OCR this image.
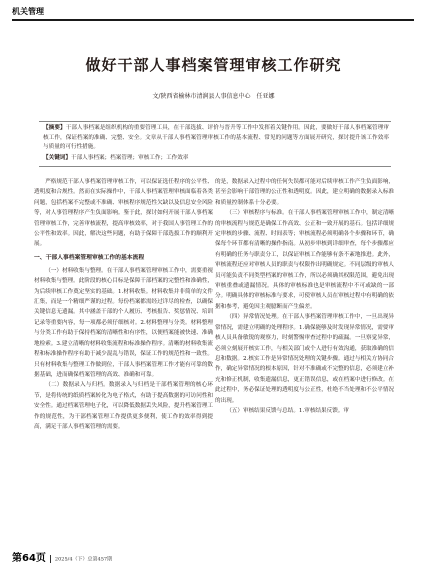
机关管理
做好干部人事档案管理审核工作研究
文/陕西省榆林市清涧县人事信息中心　任亚娜
【摘要】干部人事档案是组织机构的重要管理工具，在干部选拔、评价与晋升等工作中发挥着关键作用。因此，要做好干部人事档案管理审核工作，保证档案的准确、完整、安全。文章从干部人事档案管理审核工作的基本流程、常见的问题等方面展开研究，探讨提升该工作效率与质量的可行性措施。
【关键词】干部人事档案；档案管理；审核工作；工作效率

严格规范干部人事档案管理审核工作，可以保证选任程序的公平性、透明度和合规性。然而在实际操作中，干部人事档案管理审核面临着各类问题，包括档案不完整或不准确、审核程序规范性欠缺以及信息安全风险等，对人事管理程序产生负面影响。鉴于此，探讨如何开展干部人事档案管理审核工作，完善审核流程，提高审核效率，对于我国人事管理工作的公平性和效率。因此，解决这些问题，有助于保障干部选拔工作的顺利开展。

一、干部人事档案管理审核工作的基本流程

（一）材料收集与整理。在干部人事档案管理审核工作中，需要重视材料收集与整理。此阶段的核心目标是保障干部档案的完整性和准确性，为后续审核工作奠定坚实的基础。1.材料收集。材料收集并非简单的文件汇集，而是一个精细严谨的过程。每份档案都需经过详尽的检查，以确保关键信息无遗漏。其中涵盖干部的个人履历、考核报告、奖惩情况、培训记录等重要内容，每一项都必须仔细核对。2.材料整理与分类。材料整理与分类工作有助于保持档案的清晰性和有序性，以便档案能被快速、准确地检索。3.建立清晰的材料收集流程和标准操作程序。清晰的材料收集流程和标准操作程序有助于减少混乱与错误，保证工作的规范性和一致性。只有材料收集与整理工作做到位，干部人事档案管理工作才能有可靠的数据基础，进而确保档案管理的高效、准确和可靠。

（二）数据录入与归档。数据录入与归档是干部档案管理的核心环节，是将传统的纸质档案转化为电子格式，有助于提高数据的可访问性和安全性。通过档案管理电子化，可以降低数据丢失风险，提升档案管理工作的规范性，为干部档案管理工作提供更多便利，使工作的效率得到提高，满足干部人事档案管理的需要。

的是，数据录入过程中的任何失误都可能对后续审核工作产生负面影响，甚至会影响干部管理的公正性和透明度。因此，建立明确的数据录入标准和质量控制体系十分必要。

（三）审核程序与标准。在干部人事档案管理审核工作中，制定清晰的审核流程与规范是确保工作高效、公正和一致开展的基石。包括详细规定审核的步骤、流程、时间表等；审核流程必须明确各个步骤和环节，确保每个环节都有清晰的操作指南。从初步审核到详细审查，每个步骤都应有明确的任务与职责分工，以保证审核工作能够有条不紊地推进。此外，审核流程还应对审核人员的职责与权限作出明确规定。不同层级的审核人员可能负责不同类型档案的审核工作，所以必须确其权限范围，避免出现审核重叠或遗漏情况。具体的审核标准也是审核流程中不可或缺的一部分。明确具体的审核标准与要求，可使审核人员在审核过程中有明确的依据和参考，避免因主观臆断而产生偏差。

（四）异常情况处理。在干部人事档案管理审核工作中，一旦出现异常情况，需建立明确的处理程序。1.确保能够及时发现异常情况，需要审核人员具备敏锐的观察力，时刻警惕审查过程中的疏漏。一旦察觉异常，必须立刻展开核实工作，与相关部门或个人进行有效沟通，获取准确的信息和数据。2.核实工作是异常情况处理的关键步骤。通过与相关方协同合作，确定异常情况的根本原因，针对不准确或不完整的信息，必须建立补充和修正机制，收集遗漏信息，更正错误信息，或在档案中进行修改。在此过程中，务必保证处理的透明度与公正性，杜绝不当处理和不公平情况的出现。

（五）审核结果反馈与总结。1.审核结果反馈。审

第64页 2025/4（下）总第457期
